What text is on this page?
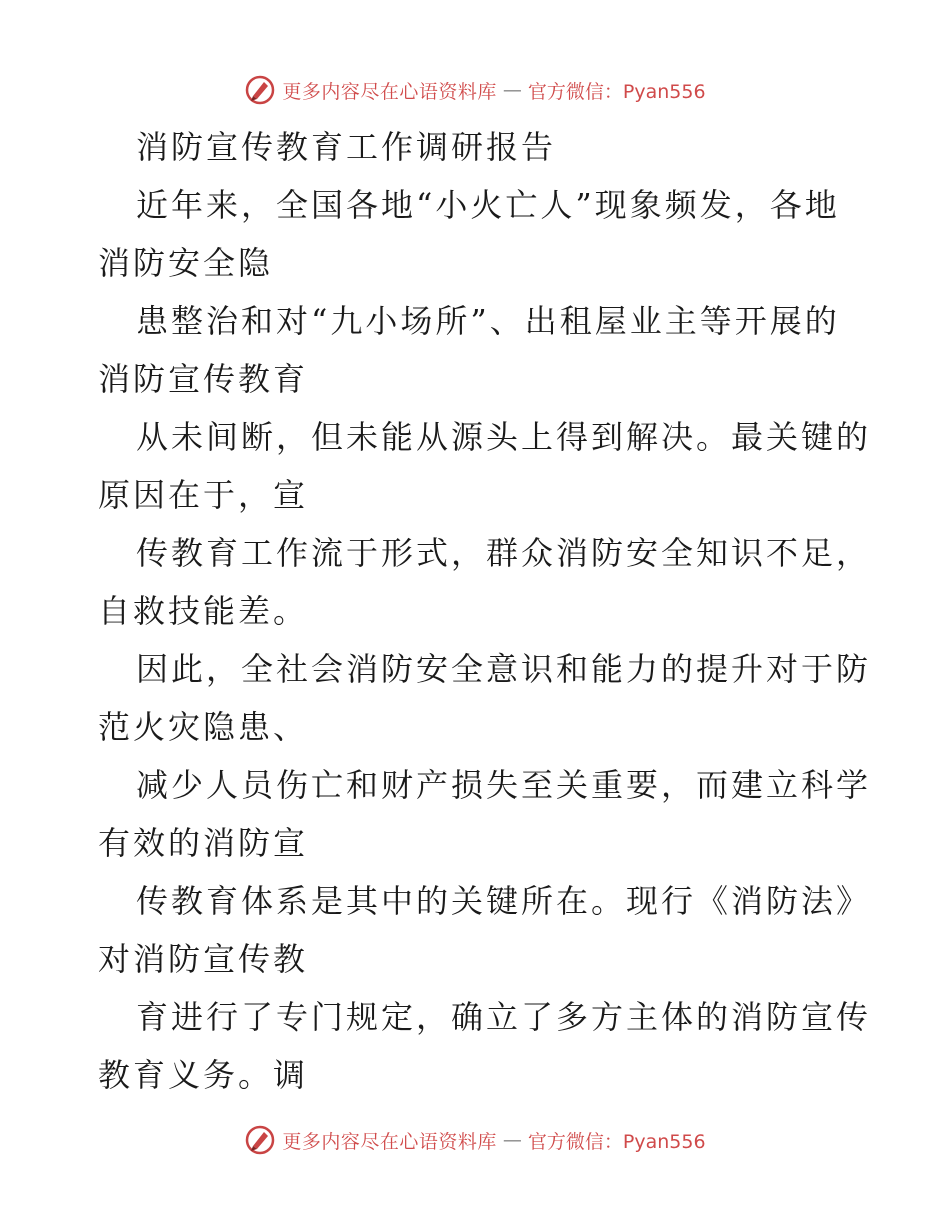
更多内容尽在心语资料库 — 官方微信：Pyan556
消防宣传教育工作调研报告
近年来，全国各地“小火亡人”现象频发，各地
消防安全隐
患整治和对“九小场所”、出租屋业主等开展的
消防宣传教育
从未间断，但未能从源头上得到解决。最关键的
原因在于，宣
传教育工作流于形式，群众消防安全知识不足，
自救技能差。
因此，全社会消防安全意识和能力的提升对于防
范火灾隐患、
减少人员伤亡和财产损失至关重要，而建立科学
有效的消防宣
传教育体系是其中的关键所在。现行《消防法》
对消防宣传教
育进行了专门规定，确立了多方主体的消防宣传
教育义务。调
更多内容尽在心语资料库 — 官方微信：Pyan556
